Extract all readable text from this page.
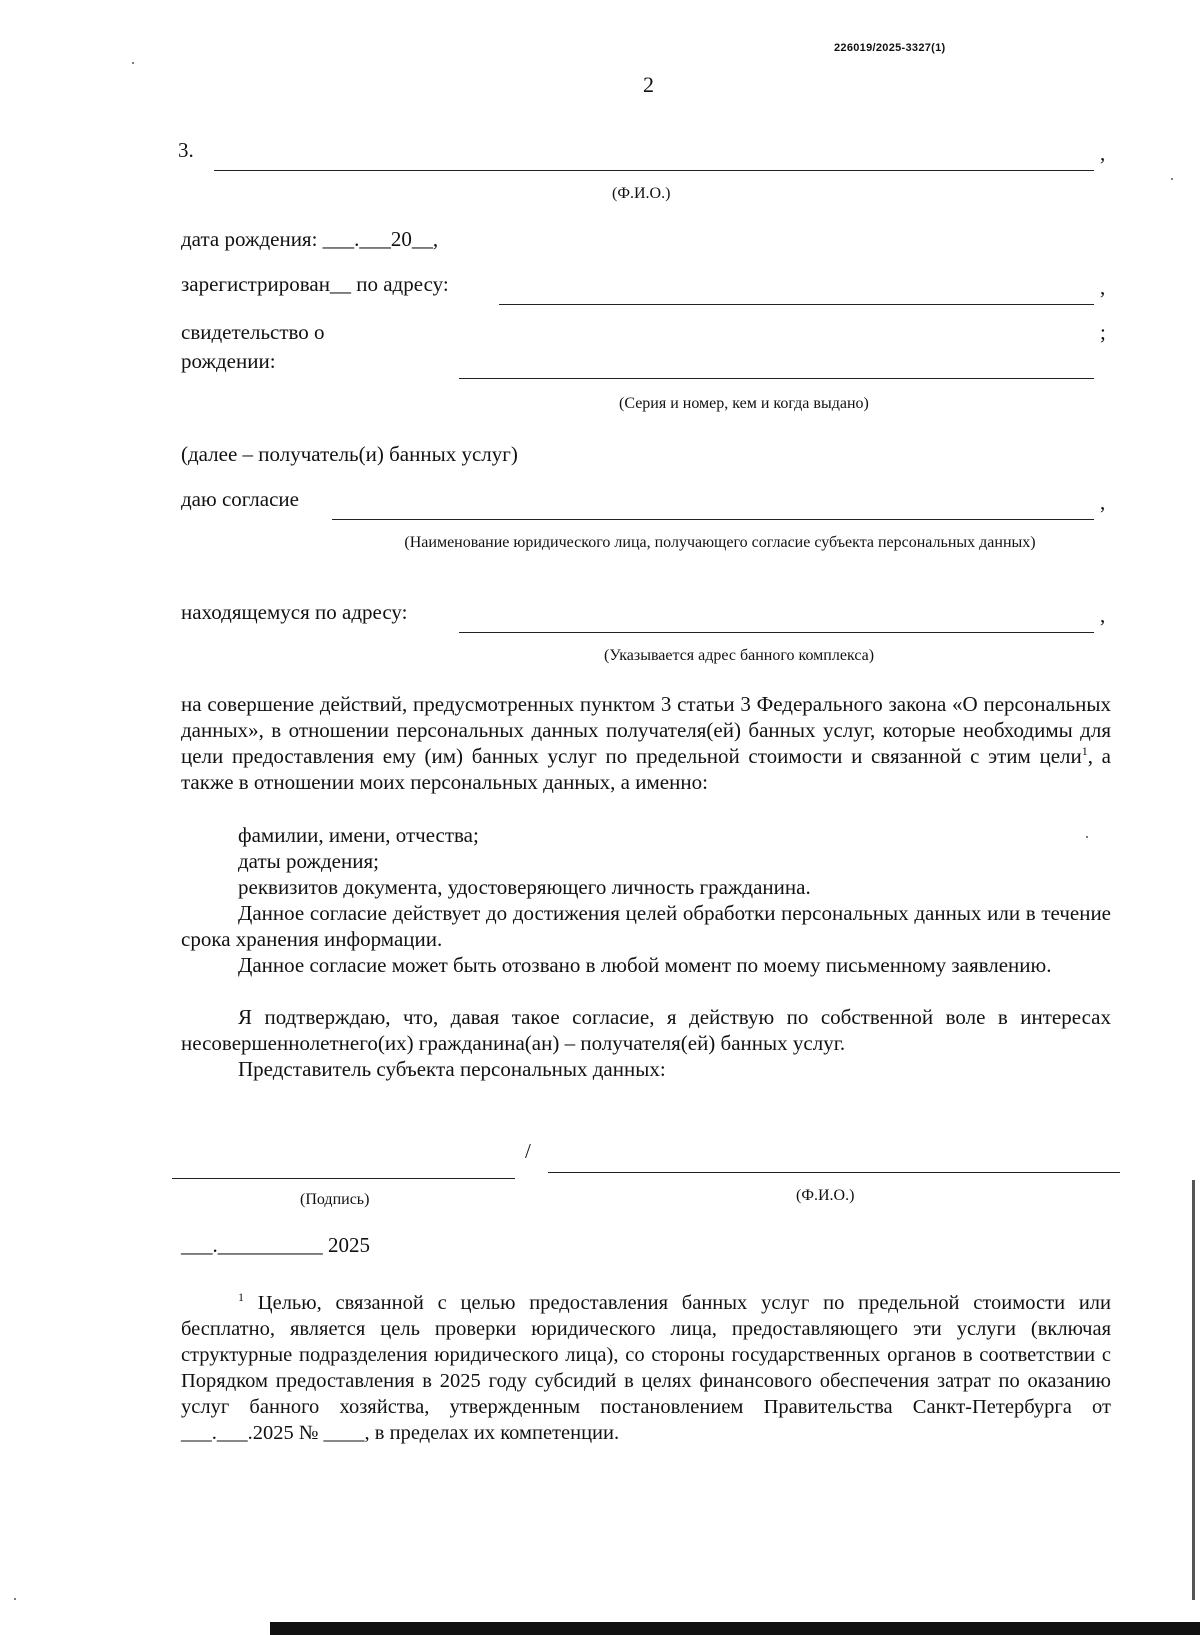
226019/2025-3327(1)
2
3.	,
(Ф.И.О.)
дата рождения: ___.___20__,
зарегистрирован__ по адресу:	,
свидетельство о
рождении:
;
(Серия и номер, кем и когда выдано)
(далее – получатель(и) банных услуг)
даю согласие	,
(Наименование юридического лица, получающего согласие субъекта персональных данных)
находящемуся по адресу:	,
(Указывается адрес банного комплекса)
на совершение действий, предусмотренных пунктом 3 статьи 3 Федерального закона «О персональных данных», в отношении персональных данных получателя(ей) банных услуг, которые необходимы для цели предоставления ему (им) банных услуг по предельной стоимости и связанной с этим цели$^1$, а также в отношении моих персональных данных, а именно:
фамилии, имени, отчества;
даты рождения;
реквизитов документа, удостоверяющего личность гражданина.
Данное согласие действует до достижения целей обработки персональных данных или в течение срока хранения информации.
Данное согласие может быть отозвано в любой момент по моему письменному заявлению.
Я подтверждаю, что, давая такое согласие, я действую по собственной воле в интересах несовершеннолетнего(их) гражданина(ан) – получателя(ей) банных услуг.
Представитель субъекта персональных данных:
/
(Подпись)	(Ф.И.О.)
___.__________ 2025
$^1$ Целью, связанной с целью предоставления банных услуг по предельной стоимости или бесплатно, является цель проверки юридического лица, предоставляющего эти услуги (включая структурные подразделения юридического лица), со стороны государственных органов в соответствии с Порядком предоставления в 2025 году субсидий в целях финансового обеспечения затрат по оказанию услуг банного хозяйства, утвержденным постановлением Правительства Санкт-Петербурга от ___.___.2025 № ____, в пределах их компетенции.
